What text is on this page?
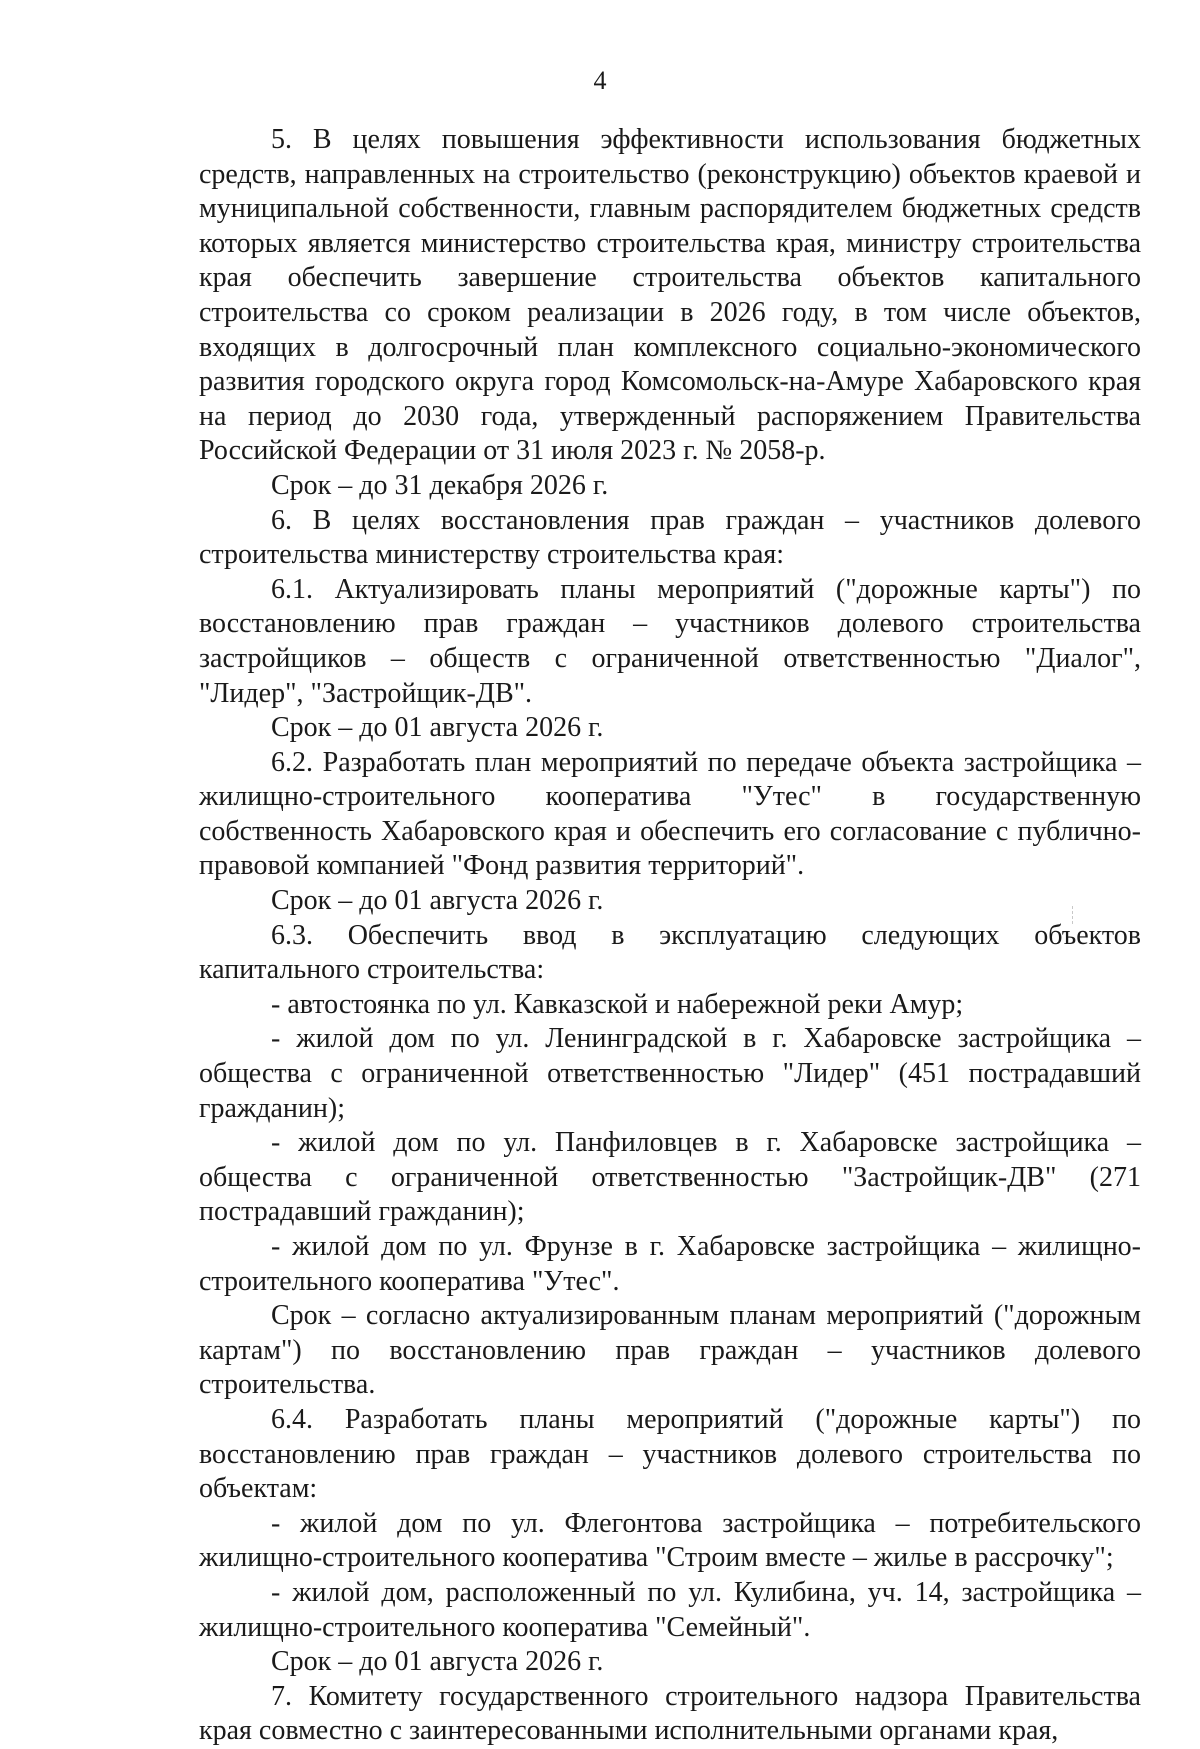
4

5. В целях повышения эффективности использования бюджетных средств, направленных на строительство (реконструкцию) объектов краевой и муниципальной собственности, главным распорядителем бюджетных средств которых является министерство строительства края, министру строительства края обеспечить завершение строительства объектов капитального строительства со сроком реализации в 2026 году, в том числе объектов, входящих в долгосрочный план комплексного социально-экономического развития городского округа город Комсомольск-на-Амуре Хабаровского края на период до 2030 года, утвержденный распоряжением Правительства Российской Федерации от 31 июля 2023 г. № 2058-р.

Срок – до 31 декабря 2026 г.

6. В целях восстановления прав граждан – участников долевого строительства министерству строительства края:

6.1. Актуализировать планы мероприятий ("дорожные карты") по восстановлению прав граждан – участников долевого строительства застройщиков – обществ с ограниченной ответственностью "Диалог", "Лидер", "Застройщик-ДВ".

Срок – до 01 августа 2026 г.

6.2. Разработать план мероприятий по передаче объекта застройщика – жилищно-строительного кооператива "Утес" в государственную собственность Хабаровского края и обеспечить его согласование с публично-правовой компанией "Фонд развития территорий".

Срок – до 01 августа 2026 г.

6.3. Обеспечить ввод в эксплуатацию следующих объектов капитального строительства:

- автостоянка по ул. Кавказской и набережной реки Амур;

- жилой дом по ул. Ленинградской в г. Хабаровске застройщика – общества с ограниченной ответственностью "Лидер" (451 пострадавший гражданин);

- жилой дом по ул. Панфиловцев в г. Хабаровске застройщика – общества с ограниченной ответственностью "Застройщик-ДВ" (271 пострадавший гражданин);

- жилой дом по ул. Фрунзе в г. Хабаровске застройщика – жилищно-строительного кооператива "Утес".

Срок – согласно актуализированным планам мероприятий ("дорожным картам") по восстановлению прав граждан – участников долевого строительства.

6.4. Разработать планы мероприятий ("дорожные карты") по восстановлению прав граждан – участников долевого строительства по объектам:

- жилой дом по ул. Флегонтова застройщика – потребительского жилищно-строительного кооператива "Строим вместе – жилье в рассрочку";

- жилой дом, расположенный по ул. Кулибина, уч. 14, застройщика – жилищно-строительного кооператива "Семейный".

Срок – до 01 августа 2026 г.

7. Комитету государственного строительного надзора Правительства края совместно с заинтересованными исполнительными органами края,
